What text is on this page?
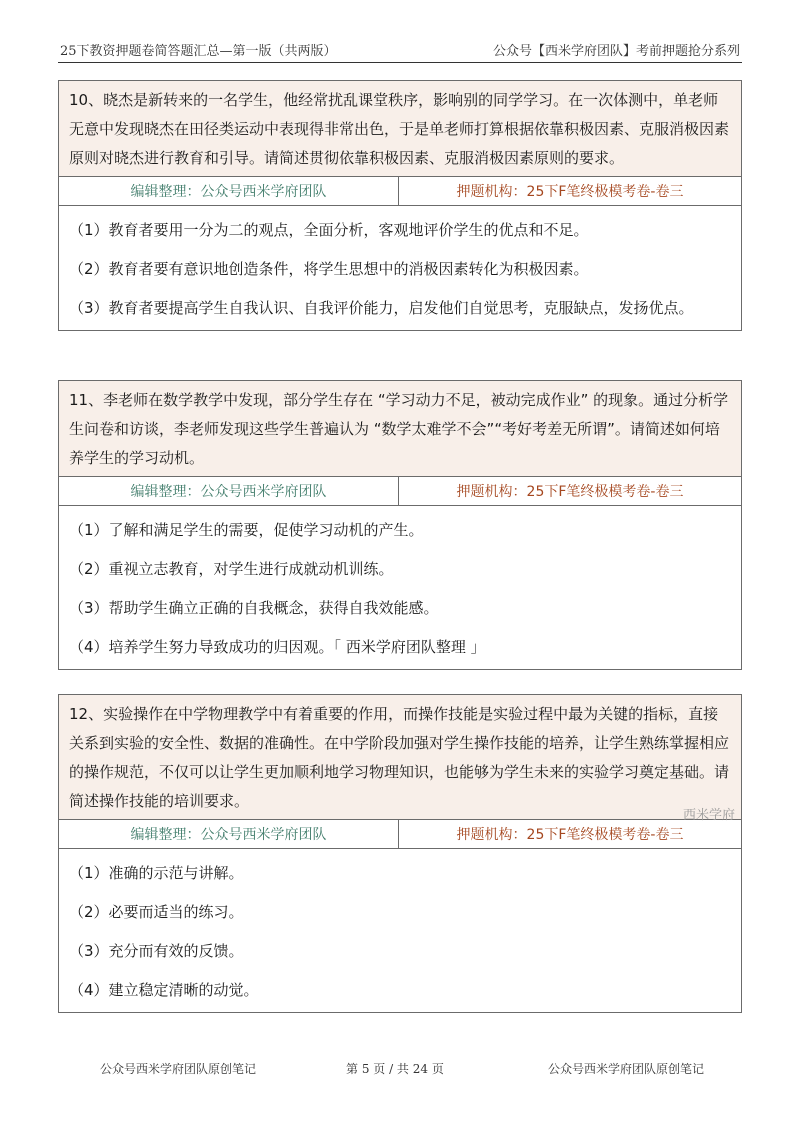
25下教资押题卷简答题汇总—第一版（共两版）	公众号【西米学府团队】考前押题抢分系列
10、晓杰是新转来的一名学生，他经常扰乱课堂秩序，影响别的同学学习。在一次体测中，单老师无意中发现晓杰在田径类运动中表现得非常出色，于是单老师打算根据依靠积极因素、克服消极因素原则对晓杰进行教育和引导。请简述贯彻依靠积极因素、克服消极因素原则的要求。
编辑整理：公众号西米学府团队	押题机构：25下F笔终极模考卷-卷三
（1）教育者要用一分为二的观点，全面分析，客观地评价学生的优点和不足。
（2）教育者要有意识地创造条件，将学生思想中的消极因素转化为积极因素。
（3）教育者要提高学生自我认识、自我评价能力，启发他们自觉思考，克服缺点，发扬优点。
11、李老师在数学教学中发现，部分学生存在 “学习动力不足，被动完成作业” 的现象。通过分析学生问卷和访谈，李老师发现这些学生普遍认为 “数学太难学不会”“考好考差无所谓”。请简述如何培养学生的学习动机。
编辑整理：公众号西米学府团队	押题机构：25下F笔终极模考卷-卷三
（1）了解和满足学生的需要，促使学习动机的产生。
（2）重视立志教育，对学生进行成就动机训练。
（3）帮助学生确立正确的自我概念，获得自我效能感。
（4）培养学生努力导致成功的归因观。「 西米学府团队整理 」
12、实验操作在中学物理教学中有着重要的作用，而操作技能是实验过程中最为关键的指标，直接关系到实验的安全性、数据的准确性。在中学阶段加强对学生操作技能的培养，让学生熟练掌握相应的操作规范，不仅可以让学生更加顺利地学习物理知识，也能够为学生未来的实验学习奠定基础。请简述操作技能的培训要求。
编辑整理：公众号西米学府团队	押题机构：25下F笔终极模考卷-卷三
（1）准确的示范与讲解。
（2）必要而适当的练习。
（3）充分而有效的反馈。
（4）建立稳定清晰的动觉。
西米学府
公众号西米学府团队原创笔记	第 5 页 / 共 24 页	公众号西米学府团队原创笔记
